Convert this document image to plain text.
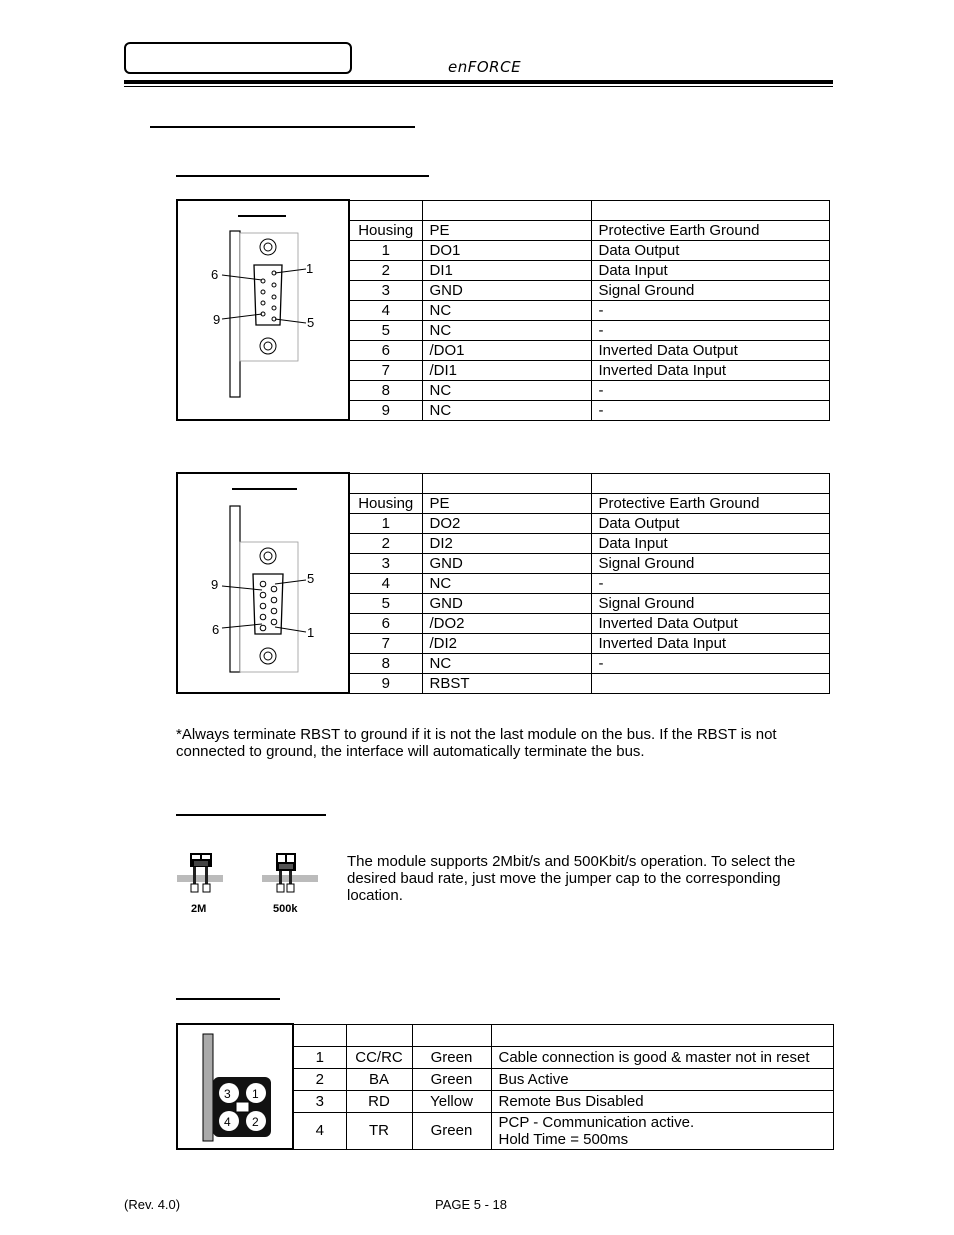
enFORCE
6 1
9 5			

	Housing	PE	Protective Earth Ground
	1	DO1	Data Output
	2	DI1	Data Input
	3	GND	Signal Ground
	4	NC	-
	5	NC	-
	6	/DO1	Inverted Data Output
	7	/DI1	Inverted Data Input
	8	NC	-
	9	NC	-
9 5
6 1			

	Housing	PE	Protective Earth Ground
	1	DO2	Data Output
	2	DI2	Data Input
	3	GND	Signal Ground
	4	NC	-
	5	GND	Signal Ground
	6	/DO2	Inverted Data Output
	7	/DI2	Inverted Data Input
	8	NC	-
	9	RBST	
*Always terminate RBST to ground if it is not the last module on the bus. If the RBST is not
connected to ground, the interface will automatically terminate the bus.
2M	500k
The module supports 2Mbit/s and 500Kbit/s operation. To select the
desired baud rate, just move the jumper cap to the corresponding
location.
3 1
4 2				

	1	CC/RC	Green	Cable connection is good & master not in reset

	2	BA	Green	Bus Active

	3	RD	Yellow	Remote Bus Disabled

	4	TR	Green	PCP - Communication active.
Hold Time = 500ms
(Rev. 4.0)	PAGE 5 - 18
